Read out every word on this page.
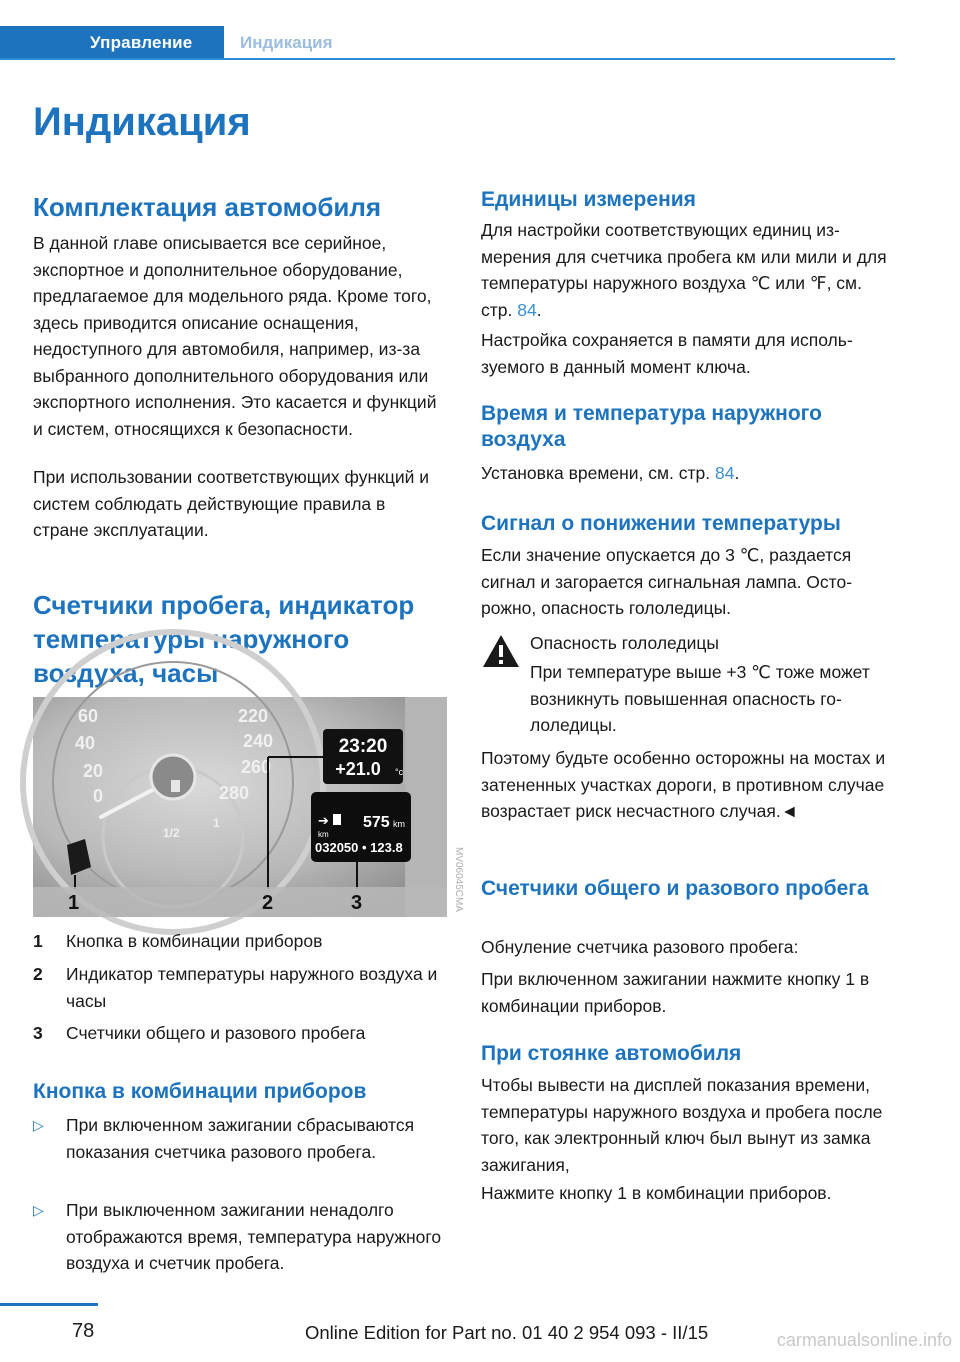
Управление	Индикация
Индикация
Комплектация автомобиля

В данной главе описывается все серийное, экспортное и дополнительное оборудование, предлагаемое для модельного ряда. Кроме того, здесь приводится описание оснащения, недоступного для автомобиля, например, из-за выбранного дополнительного оборудования или экспортного исполнения. Это касается и функций и систем, относящихся к безопасности.

При использовании соответствующих функций и систем соблюдать действующие правила в стране эксплуатации.

Счетчики пробега, индикатор температуры наружного воздуха, часы
60
40
20
0
220
240
260
280
1/2
1
MV06045CMA
23:20
+21.0 °c
➔
km
575 km
032050 • 123.8
1	2	3
1 Кнопка в комбинации приборов
2 Индикатор температуры наружного воздуха и часы
3 Счетчики общего и разового пробега
Кнопка в комбинации приборов
▷ При включенном зажигании сбрасываются показания счетчика разового пробега.
▷ При выключенном зажигании ненадолго отображаются время, температура наружного воздуха и счетчик пробега.
Единицы измерения

Для настройки соответствующих единиц измерения для счетчика пробега км или мили и для температуры наружного воздуха ℃ или ℉, см. стр. 84.

Настройка сохраняется в памяти для используемого в данный момент ключа.

Время и температура наружного воздуха

Установка времени, см. стр. 84.

Сигнал о понижении температуры

Если значение опускается до 3 ℃, раздается сигнал и загорается сигнальная лампа. Осторожно, опасность гололедицы.

Опасность гололедицы

При температуре выше +3 ℃ тоже может возникнуть повышенная опасность гололедицы.

Поэтому будьте особенно осторожны на мостах и затененных участках дороги, в противном случае возрастает риск несчастного случая.◄

Счетчики общего и разового пробега

Обнуление счетчика разового пробега:

При включенном зажигании нажмите кнопку 1 в комбинации приборов.

При стоянке автомобиля

Чтобы вывести на дисплей показания времени, температуры наружного воздуха и пробега после того, как электронный ключ был вынут из замка зажигания,

Нажмите кнопку 1 в комбинации приборов.

78	Online Edition for Part no. 01 40 2 954 093 - II/15	carmanualsonline.info
